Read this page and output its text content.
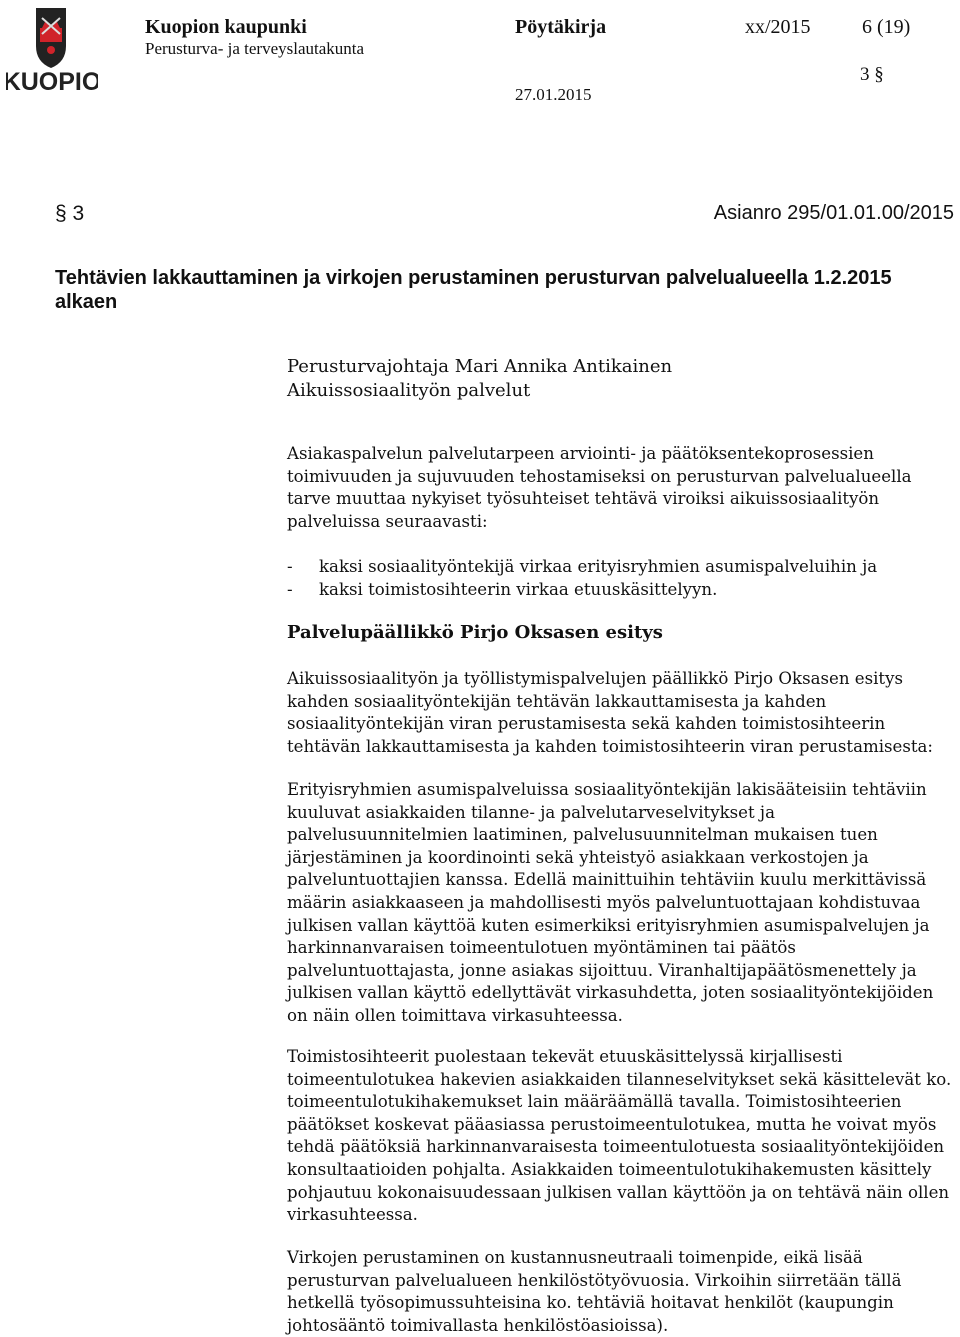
KUOPIO
Kuopion kaupunki
Perusturva- ja terveyslautakunta
Pöytäkirja	xx/2015	6 (19)
3 §
27.01.2015
§ 3	Asianro 295/01.01.00/2015
Tehtävien lakkauttaminen ja virkojen perustaminen perusturvan palvelualueella 1.2.2015 alkaen

Perusturvajohtaja Mari Annika Antikainen

Aikuissosiaalityön palvelut

Asiakaspalvelun palvelutarpeen arviointi- ja päätöksentekoprosessien toimivuuden ja sujuvuuden tehostamiseksi on perusturvan palvelualueella tarve muuttaa nykyiset työsuhteiset tehtävä viroiksi aikuissosiaalityön palveluissa seuraavasti:

-	kaksi sosiaalityöntekijä virkaa erityisryhmien asumispalveluihin ja
-	kaksi toimistosihteerin virkaa etuuskäsittelyyn.
Palvelupäällikkö Pirjo Oksasen esitys

Aikuissosiaalityön ja työllistymispalvelujen päällikkö Pirjo Oksasen esitys kahden sosiaalityöntekijän tehtävän lakkauttamisesta ja kahden sosiaalityöntekijän viran perustamisesta sekä kahden toimistosihteerin tehtävän lakkauttamisesta ja kahden toimistosihteerin viran perustamisesta:

Erityisryhmien asumispalveluissa sosiaalityöntekijän lakisääteisiin tehtäviin kuuluvat asiakkaiden tilanne- ja palvelutarveselvitykset ja palvelusuunnitelmien laatiminen, palvelusuunnitelman mukaisen tuen järjestäminen ja koordinointi sekä yhteistyö asiakkaan verkostojen ja palveluntuottajien kanssa. Edellä mainittuihin tehtäviin kuulu merkittävissä määrin asiakkaaseen ja mahdollisesti myös palveluntuottajaan kohdistuvaa julkisen vallan käyttöä kuten esimerkiksi erityisryhmien asumispalvelujen ja harkinnanvaraisen toimeentulotuen myöntäminen tai päätös palveluntuottajasta, jonne asiakas sijoittuu. Viranhaltijapäätösmenettely ja julkisen vallan käyttö edellyttävät virkasuhdetta, joten sosiaalityöntekijöiden on näin ollen toimittava virkasuhteessa.

Toimistosihteerit puolestaan tekevät etuuskäsittelyssä kirjallisesti toimeentulotukea hakevien asiakkaiden tilanneselvitykset sekä käsittelevät ko. toimeentulotukihakemukset lain määräämällä tavalla. Toimistosihteerien päätökset koskevat pääasiassa perustoimeentulotukea, mutta he voivat myös tehdä päätöksiä harkinnanvaraisesta toimeentulotuesta sosiaalityöntekijöiden konsultaatioiden pohjalta. Asiakkaiden toimeentulotukihakemusten käsittely pohjautuu kokonaisuudessaan julkisen vallan käyttöön ja on tehtävä näin ollen virkasuhteessa.

Virkojen perustaminen on kustannusneutraali toimenpide, eikä lisää perusturvan palvelualueen henkilöstötyövuosia. Virkoihin siirretään tällä hetkellä työsopimussuhteisina ko. tehtäviä hoitavat henkilöt (kaupungin johtosääntö toimivallasta henkilöstöasioissa).
